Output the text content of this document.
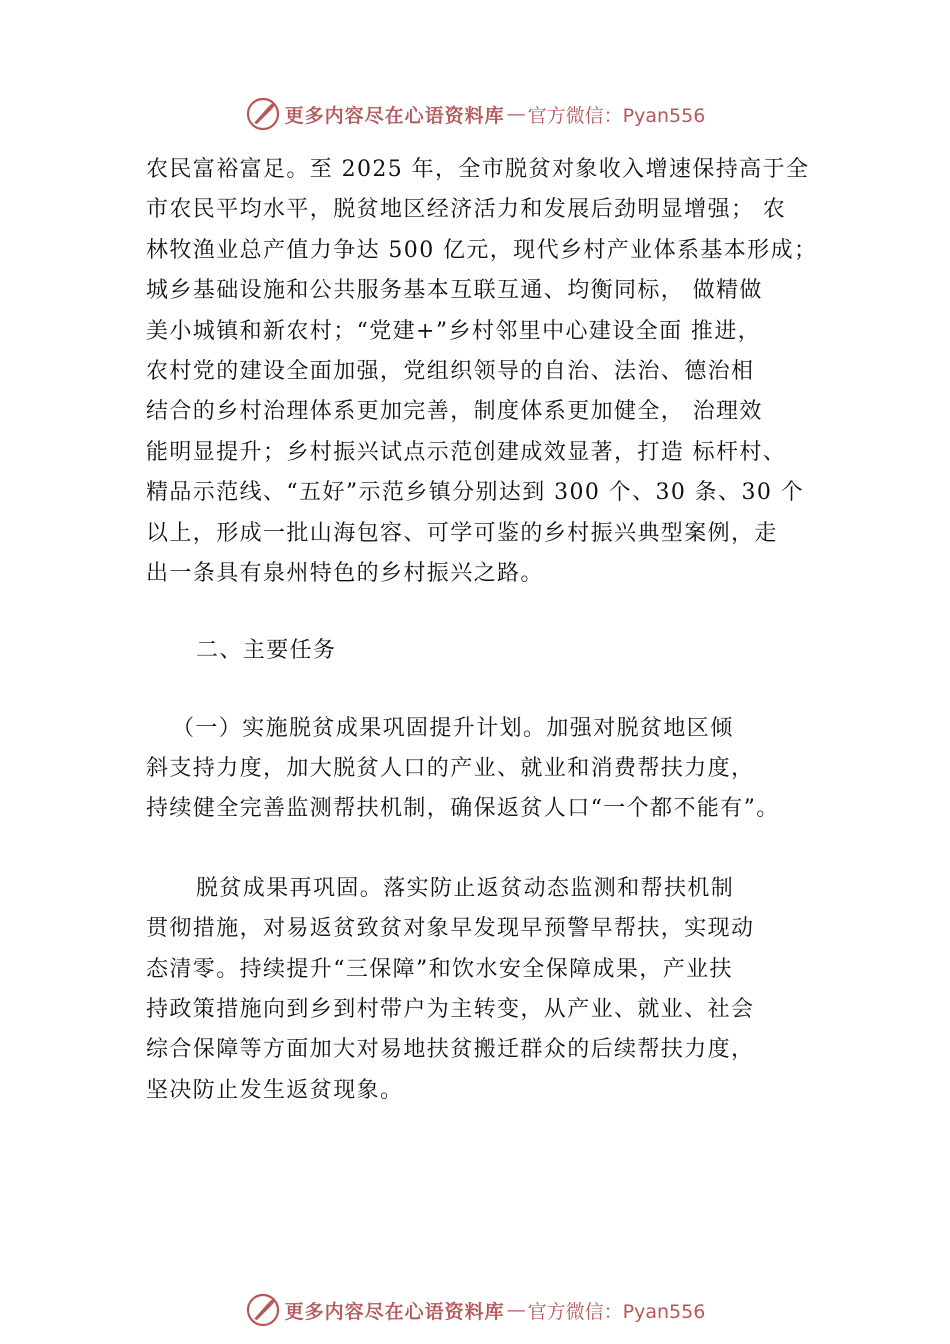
更多内容尽在心语资料库 — 官方微信：Pyan556
农民富裕富足。至 2025 年，全市脱贫对象收入增速保持高于全
市农民平均水平，脱贫地区经济活力和发展后劲明显增强； 农
林牧渔业总产值力争达 500 亿元，现代乡村产业体系基本形成；
城乡基础设施和公共服务基本互联互通、均衡同标， 做精做
美小城镇和新农村；“党建+”乡村邻里中心建设全面 推进，
农村党的建设全面加强，党组织领导的自治、法治、德治相
结合的乡村治理体系更加完善，制度体系更加健全， 治理效
能明显提升；乡村振兴试点示范创建成效显著，打造 标杆村、
精品示范线、“五好”示范乡镇分别达到 300 个、30 条、30 个
以上，形成一批山海包容、可学可鉴的乡村振兴典型案例，走
出一条具有泉州特色的乡村振兴之路。
二、主要任务
（一）实施脱贫成果巩固提升计划。加强对脱贫地区倾
斜支持力度，加大脱贫人口的产业、就业和消费帮扶力度，
持续健全完善监测帮扶机制，确保返贫人口“一个都不能有”。
脱贫成果再巩固。落实防止返贫动态监测和帮扶机制
贯彻措施，对易返贫致贫对象早发现早预警早帮扶，实现动
态清零。持续提升“三保障”和饮水安全保障成果，产业扶
持政策措施向到乡到村带户为主转变，从产业、就业、社会
综合保障等方面加大对易地扶贫搬迁群众的后续帮扶力度，
坚决防止发生返贫现象。
更多内容尽在心语资料库 — 官方微信：Pyan556
